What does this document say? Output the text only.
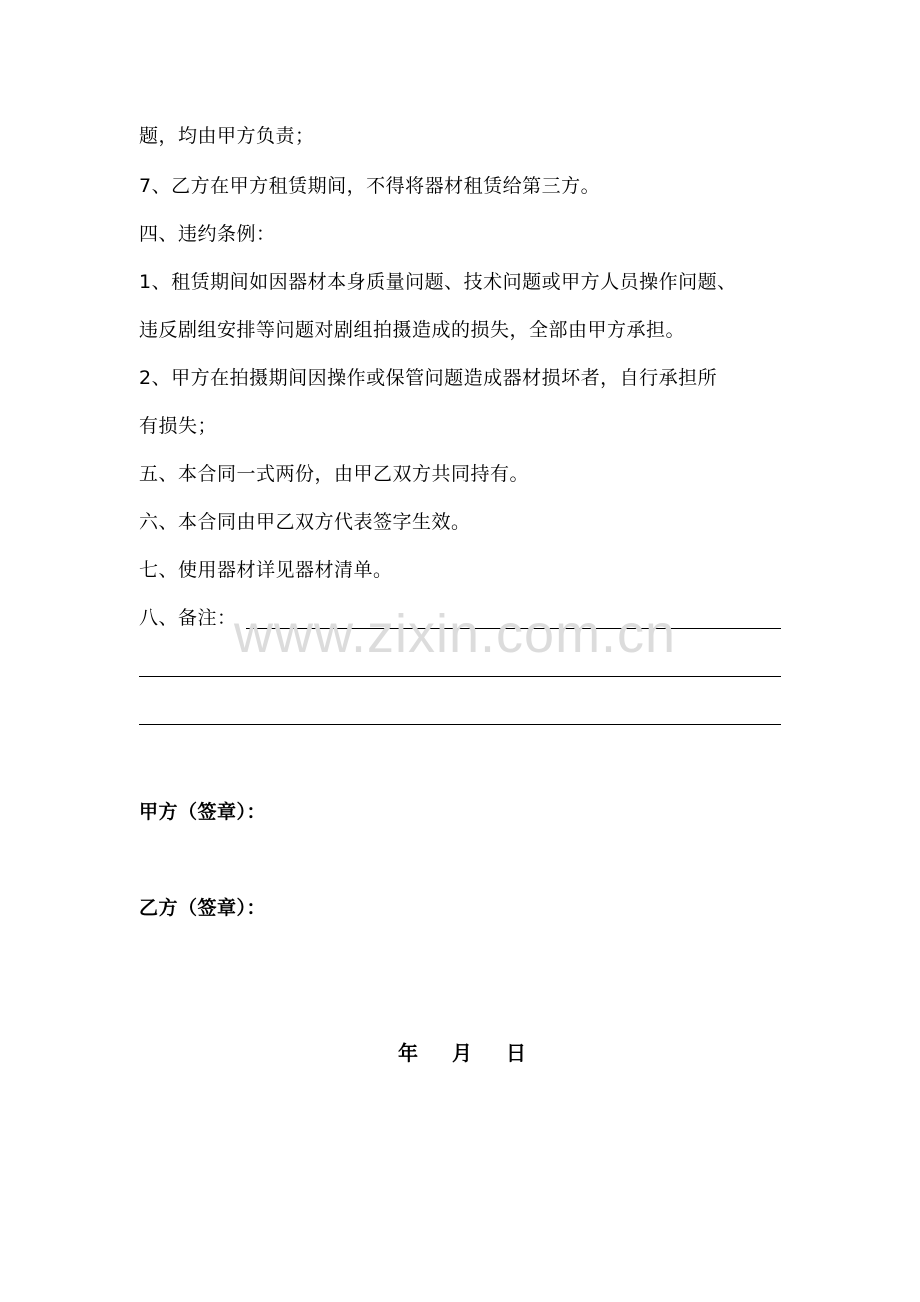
题，均由甲方负责；
7、乙方在甲方租赁期间，不得将器材租赁给第三方。
四、违约条例：
1、租赁期间如因器材本身质量问题、技术问题或甲方人员操作问题、
违反剧组安排等问题对剧组拍摄造成的损失，全部由甲方承担。
2、甲方在拍摄期间因操作或保管问题造成器材损坏者，自行承担所
有损失；
五、本合同一式两份，由甲乙双方共同持有。
六、本合同由甲乙双方代表签字生效。
七、使用器材详见器材清单。
八、备注：
www.zixin.com.cn
甲方（签章）：
乙方（签章）：
年 月 日
